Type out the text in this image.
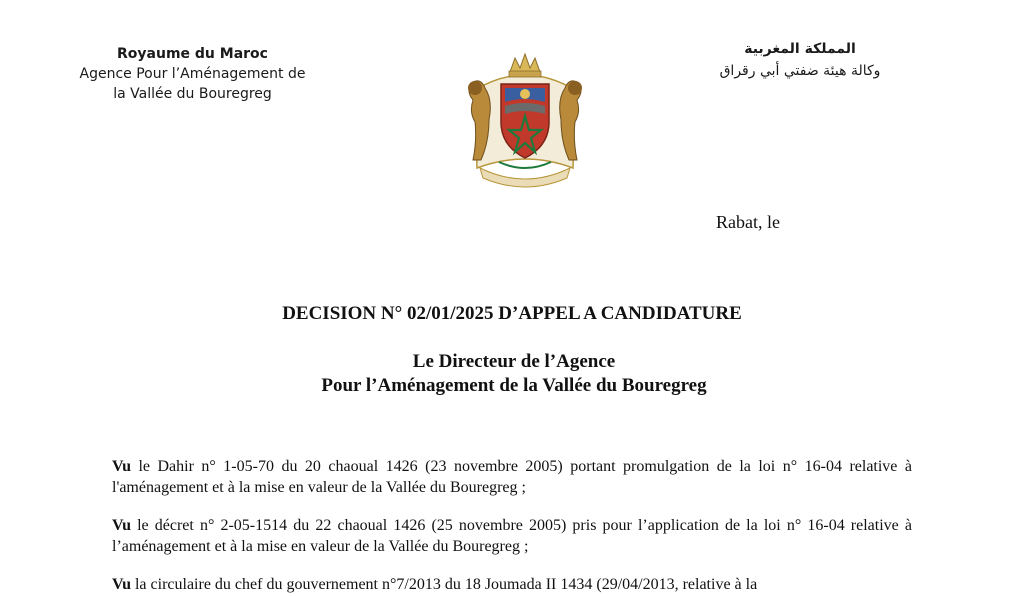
Royaume du Maroc
Agence Pour l’Aménagement de
la Vallée du Bouregreg
المملكة المغربية
وكالة هيئة ضفتي أبي رقراق
Rabat, le
DECISION N° 02/01/2025 D’APPEL A CANDIDATURE
Le Directeur de l’Agence
Pour l’Aménagement de la Vallée du Bouregreg

Vu le Dahir n° 1-05-70 du 20 chaoual 1426 (23 novembre 2005) portant promulgation de la loi n° 16-04 relative à l'aménagement et à la mise en valeur de la Vallée du Bouregreg ;

Vu le décret n° 2-05-1514 du 22 chaoual 1426 (25 novembre 2005) pris pour l’application de la loi n° 16-04 relative à l’aménagement et à la mise en valeur de la Vallée du Bouregreg ;

Vu la circulaire du chef du gouvernement n°7/2013 du 18 Joumada II 1434 (29/04/2013, relative à la
